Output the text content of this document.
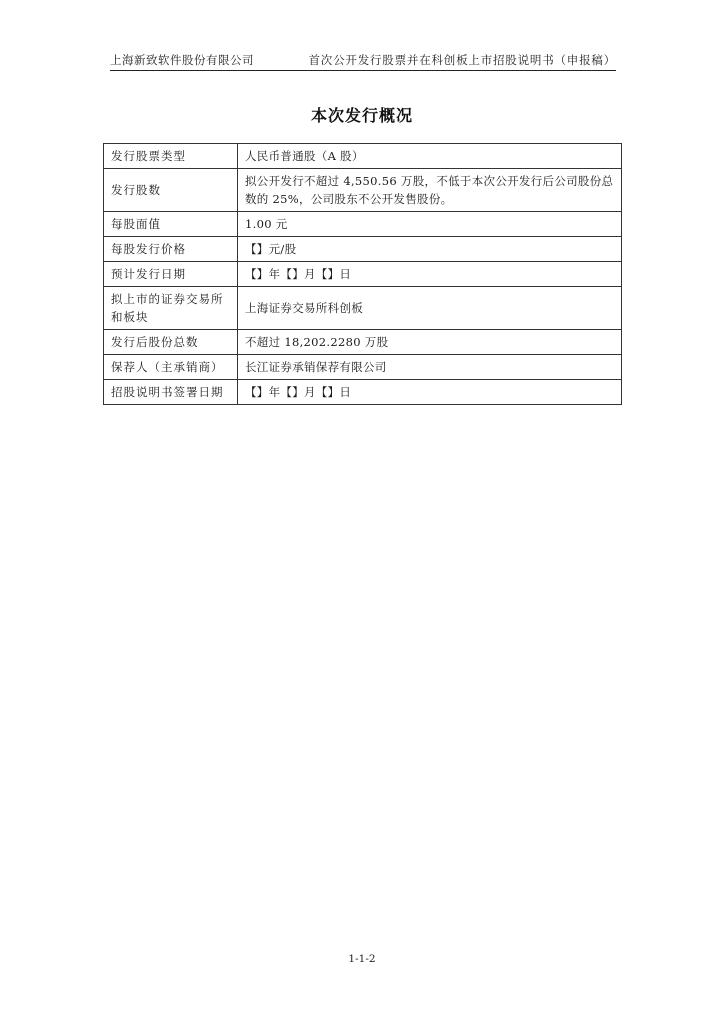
上海新致软件股份有限公司	首次公开发行股票并在科创板上市招股说明书（申报稿）
本次发行概况
发行股票类型	人民币普通股（A 股）
发行股数	拟公开发行不超过 4,550.56 万股，不低于本次公开发行后公司股份总数的 25%，公司股东不公开发售股份。
每股面值	1.00 元
每股发行价格	【】元/股
预计发行日期	【】年【】月【】日
拟上市的证券交易所和板块	上海证券交易所科创板
发行后股份总数	不超过 18,202.2280 万股
保荐人（主承销商）	长江证券承销保荐有限公司
招股说明书签署日期	【】年【】月【】日
1-1-2
